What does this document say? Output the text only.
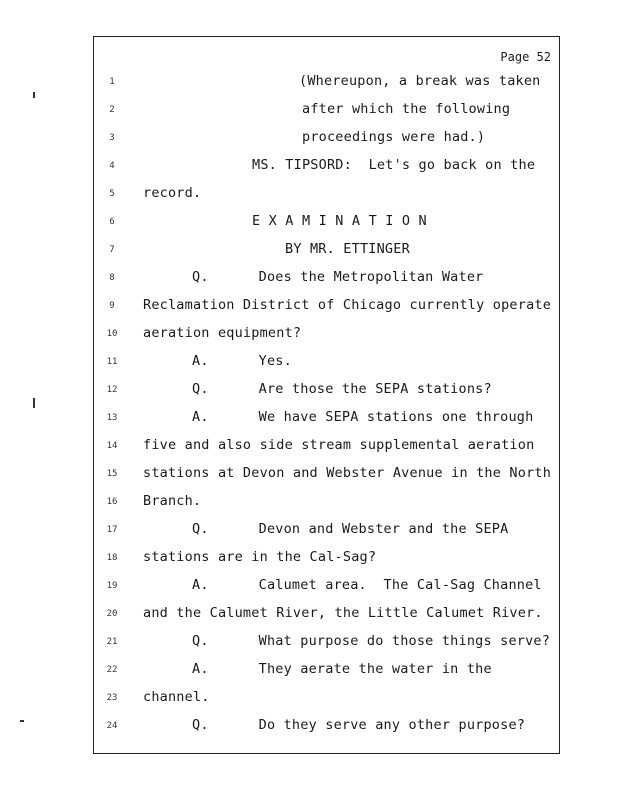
Page 52
1	(Whereupon, a break was taken
2	after which the following
3	proceedings were had.)
4	MS. TIPSORD:  Let's go back on the
5	record.
6	E X A M I N A T I O N
7	BY MR. ETTINGER
8	Q.      Does the Metropolitan Water
9	Reclamation District of Chicago currently operate
10	aeration equipment?
11	A.      Yes.
12	Q.      Are those the SEPA stations?
13	A.      We have SEPA stations one through
14	five and also side stream supplemental aeration
15	stations at Devon and Webster Avenue in the North
16	Branch.
17	Q.      Devon and Webster and the SEPA
18	stations are in the Cal-Sag?
19	A.      Calumet area.  The Cal-Sag Channel
20	and the Calumet River, the Little Calumet River.
21	Q.      What purpose do those things serve?
22	A.      They aerate the water in the
23	channel.
24	Q.      Do they serve any other purpose?
